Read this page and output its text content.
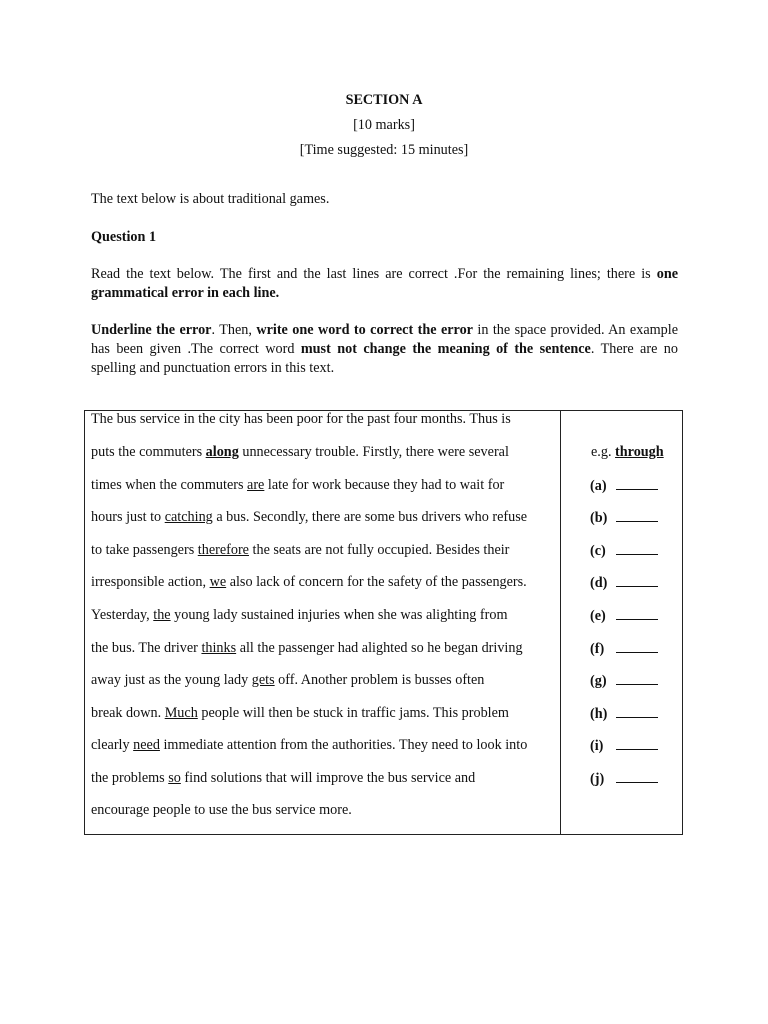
SECTION A
[10 marks]
[Time suggested: 15 minutes]
The text below is about traditional games.
Question 1
Read the text below. The first and the last lines are correct .For the remaining lines; there is one grammatical error in each line.
Underline the error. Then, write one word to correct the error in the space provided. An example has been given .The correct word must not change the meaning of the sentence. There are no spelling and punctuation errors in this text.
The bus service in the city has been poor for the past four months. Thus is
puts the commuters along unnecessary trouble. Firstly, there were several
times when the commuters are late for work because they had to wait for
hours just to catching a bus. Secondly, there are some bus drivers who refuse
to take passengers therefore the seats are not fully occupied. Besides their
irresponsible action, we also lack of concern for the safety of the passengers.
Yesterday, the young lady sustained injuries when she was alighting from
the bus. The driver thinks all the passenger had alighted so he began driving
away just as the young lady gets off. Another problem is busses often
break down. Much people will then be stuck in traffic jams. This problem
clearly need immediate attention from the authorities. They need to look into
the problems so find solutions that will improve the bus service and
encourage people to use the bus service more.
e.g. through
(a)
(b)
(c)
(d)
(e)
(f)
(g)
(h)
(i)
(j)
